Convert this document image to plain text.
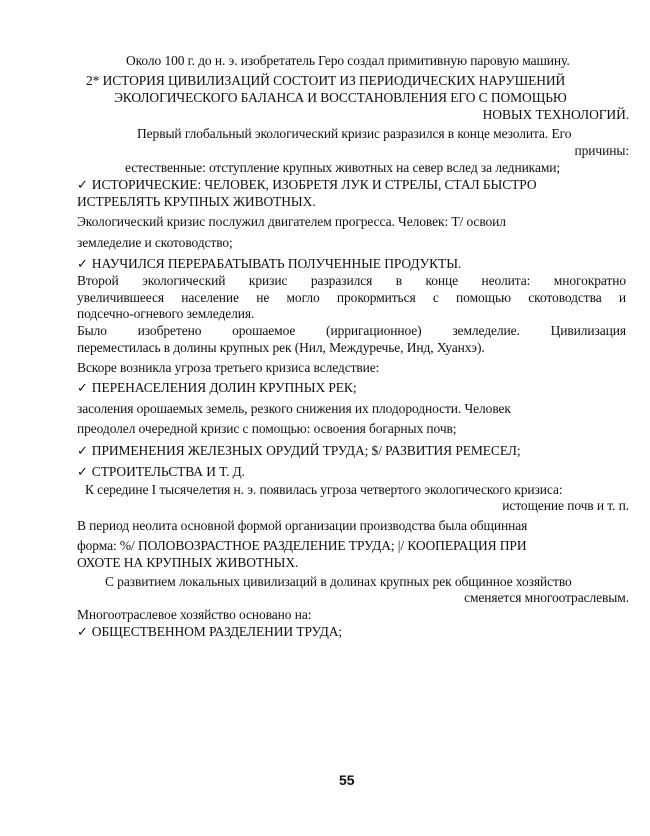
Около 100 г. до н. э. изобретатель Геро создал примитивную паровую машину.
2* ИСТОРИЯ ЦИВИЛИЗАЦИЙ СОСТОИТ ИЗ ПЕРИОДИЧЕСКИХ НАРУШЕНИЙ
ЭКОЛОГИЧЕСКОГО БАЛАНСА И ВОССТАНОВЛЕНИЯ ЕГО С ПОМОЩЬЮ
НОВЫХ ТЕХНОЛОГИЙ.
Первый глобальный экологический кризис разразился в конце мезолита. Его
причины:
естественные: отступление крупных животных на север вслед за ледниками;
✓ ИСТОРИЧЕСКИЕ: ЧЕЛОВЕК, ИЗОБРЕТЯ ЛУК И СТРЕЛЫ, СТАЛ БЫСТРО
ИСТРЕБЛЯТЬ КРУПНЫХ ЖИВОТНЫХ.
Экологический кризис послужил двигателем прогресса. Человек: Т/ освоил
земледелие и скотоводство;
✓ НАУЧИЛСЯ ПЕРЕРАБАТЫВАТЬ ПОЛУЧЕННЫЕ ПРОДУКТЫ.
Второй экологический кризис разразился в конце неолита: многократно
увеличившееся население не могло прокормиться с помощью скотоводства и
подсечно-огневого земледелия.
Было изобретено орошаемое (ирригационное) земледелие. Цивилизация
переместилась в долины крупных рек (Нил, Междуречье, Инд, Хуанхэ).
Вскоре возникла угроза третьего кризиса вследствие:
✓ ПЕРЕНАСЕЛЕНИЯ ДОЛИН КРУПНЫХ РЕК;
засоления орошаемых земель, резкого снижения их плодородности. Человек
преодолел очередной кризис с помощью: освоения богарных почв;
✓ ПРИМЕНЕНИЯ ЖЕЛЕЗНЫХ ОРУДИЙ ТРУДА; $/ РАЗВИТИЯ РЕМЕСЕЛ;
✓ СТРОИТЕЛЬСТВА И Т. Д.
К середине I тысячелетия н. э. появилась угроза четвертого экологического кризиса:
истощение почв и т. п.
В период неолита основной формой организации производства была общинная
форма: %/ ПОЛОВОЗРАСТНОЕ РАЗДЕЛЕНИЕ ТРУДА; |/ КООПЕРАЦИЯ ПРИ
ОХОТЕ НА КРУПНЫХ ЖИВОТНЫХ.
С развитием локальных цивилизаций в долинах крупных рек общинное хозяйство
сменяется многоотраслевым.
Многоотраслевое хозяйство основано на:
✓ ОБЩЕСТВЕННОМ РАЗДЕЛЕНИИ ТРУДА;
55
